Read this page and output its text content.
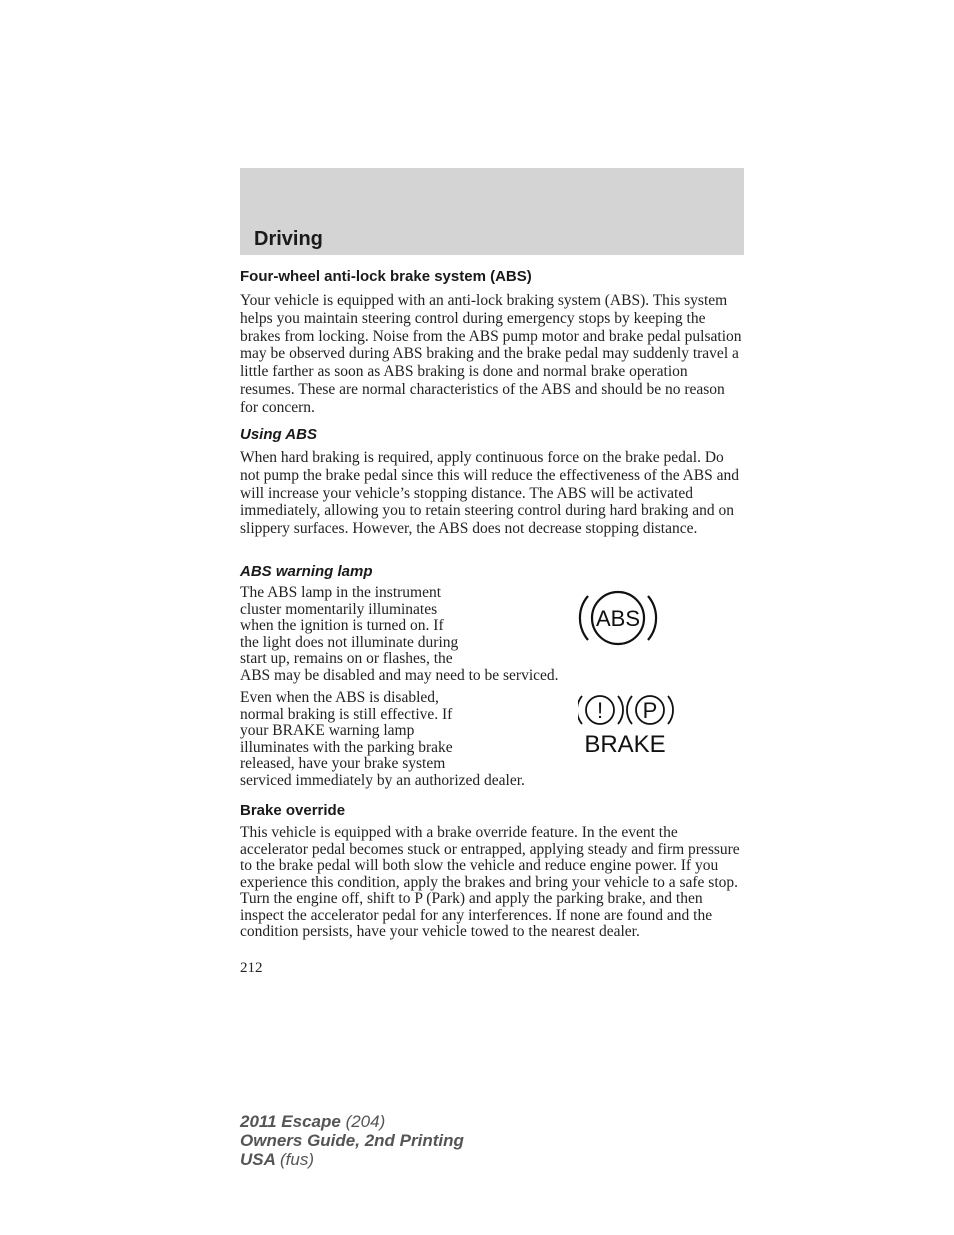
Driving
Four-wheel anti-lock brake system (ABS)

Your vehicle is equipped with an anti-lock braking system (ABS). This system helps you maintain steering control during emergency stops by keeping the brakes from locking. Noise from the ABS pump motor and brake pedal pulsation may be observed during ABS braking and the brake pedal may suddenly travel a little farther as soon as ABS braking is done and normal brake operation resumes. These are normal characteristics of the ABS and should be no reason for concern.

Using ABS

When hard braking is required, apply continuous force on the brake pedal. Do not pump the brake pedal since this will reduce the effectiveness of the ABS and will increase your vehicle’s stopping distance. The ABS will be activated immediately, allowing you to retain steering control during hard braking and on slippery surfaces. However, the ABS does not decrease stopping distance.

ABS warning lamp
The ABS lamp in the instrument
cluster momentarily illuminates
when the ignition is turned on. If
the light does not illuminate during
start up, remains on or flashes, the
ABS may be disabled and may need to be serviced.
ABS
Even when the ABS is disabled,
normal braking is still effective. If
your BRAKE warning lamp
illuminates with the parking brake
released, have your brake system
serviced immediately by an authorized dealer.
! P
BRAKE
Brake override

This vehicle is equipped with a brake override feature. In the event the accelerator pedal becomes stuck or entrapped, applying steady and firm pressure to the brake pedal will both slow the vehicle and reduce engine power. If you experience this condition, apply the brakes and bring your vehicle to a safe stop. Turn the engine off, shift to P (Park) and apply the parking brake, and then inspect the accelerator pedal for any interferences. If none are found and the condition persists, have your vehicle towed to the nearest dealer.

212
2011 Escape (204)
Owners Guide, 2nd Printing
USA (fus)
